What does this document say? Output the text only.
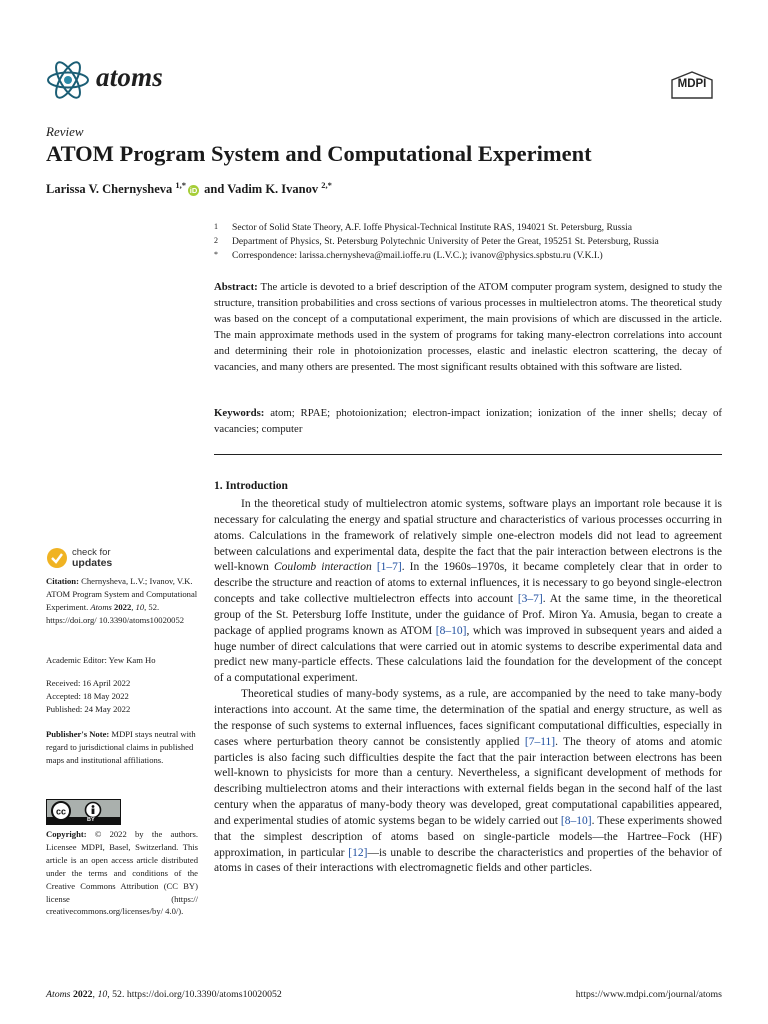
atoms	MDPI
Review
ATOM Program System and Computational Experiment
Larissa V. Chernysheva $^{1,*}$iD and Vadim K. Ivanov $^{2,*}$
1 Sector of Solid State Theory, A.F. Ioffe Physical-Technical Institute RAS, 194021 St. Petersburg, Russia
2 Department of Physics, St. Petersburg Polytechnic University of Peter the Great, 195251 St. Petersburg, Russia
* Correspondence: larissa.chernysheva@mail.ioffe.ru (L.V.C.); ivanov@physics.spbstu.ru (V.K.I.)
Abstract: The article is devoted to a brief description of the ATOM computer program system, designed to study the structure, transition probabilities and cross sections of various processes in multielectron atoms. The theoretical study was based on the concept of a computational experiment, the main provisions of which are discussed in the article. The main approximate methods used in the system of programs for taking many-electron correlations into account and determining their role in photoionization processes, elastic and inelastic electron scattering, the decay of vacancies, and many others are presented. The most significant results obtained with this software are listed.
Keywords: atom; RPAE; photoionization; electron-impact ionization; ionization of the inner shells; decay of vacancies; computer
1. Introduction

In the theoretical study of multielectron atomic systems, software plays an important role because it is necessary for calculating the energy and spatial structure and characteristics of various processes occurring in atoms. Calculations in the framework of relatively simple one-electron models did not lead to agreement between calculations and experimental data, despite the fact that the pair interaction between electrons is the well-known Coulomb interaction [1–7]. In the 1960s–1970s, it became completely clear that in order to describe the structure and reaction of atoms to external influences, it is necessary to go beyond single-electron concepts and take collective multielectron effects into account [3–7]. At the same time, in the theoretical group of the St. Petersburg Ioffe Institute, under the guidance of Prof. Miron Ya. Amusia, began to create a package of applied programs known as ATOM [8–10], which was improved in subsequent years and aided a huge number of direct calculations that were carried out in atomic systems to describe experimental data and predict new many-particle effects. These calculations laid the foundation for the development of the concept of a computational experiment.

Theoretical studies of many-body systems, as a rule, are accompanied by the need to take many-body interactions into account. At the same time, the determination of the spatial and energy structure, as well as the response of such systems to external influences, faces significant computational difficulties, especially in cases where perturbation theory cannot be consistently applied [7–11]. The theory of atoms and atomic particles is also facing such difficulties despite the fact that the pair interaction between electrons has been well-known to physicists for more than a century. Nevertheless, a significant development of methods for describing multielectron atoms and their interactions with external fields began in the second half of the last century when the apparatus of many-body theory was developed, great computational capabilities appeared, and experimental studies of atomic systems began to be widely carried out [8–10]. These experiments showed that the simplest description of atoms based on single-particle models—the Hartree–Fock (HF) approximation, in particular [12]—is unable to describe the characteristics and properties of the behavior of atoms in cases of their interactions with electromagnetic fields and other particles.

check for
updates
Citation: Chernysheva, L.V.; Ivanov, V.K. ATOM Program System and Computational Experiment. Atoms 2022, 10, 52. https://doi.org/ 10.3390/atoms10020052
Academic Editor: Yew Kam Ho
Received: 16 April 2022
Accepted: 18 May 2022
Published: 24 May 2022
Publisher's Note: MDPI stays neutral with regard to jurisdictional claims in published maps and institutional affiliations.
cc
BY
Copyright: © 2022 by the authors. Licensee MDPI, Basel, Switzerland. This article is an open access article distributed under the terms and conditions of the Creative Commons Attribution (CC BY) license (https:// creativecommons.org/licenses/by/ 4.0/).
Atoms 2022, 10, 52. https://doi.org/10.3390/atoms10020052	https://www.mdpi.com/journal/atoms
